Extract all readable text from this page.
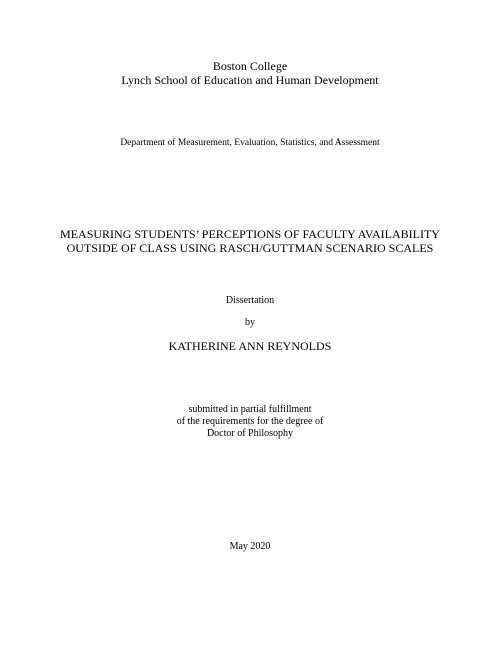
Boston College
Lynch School of Education and Human Development
Department of Measurement, Evaluation, Statistics, and Assessment
MEASURING STUDENTS’ PERCEPTIONS OF FACULTY AVAILABILITY
OUTSIDE OF CLASS USING RASCH/GUTTMAN SCENARIO SCALES
Dissertation
by
KATHERINE ANN REYNOLDS
submitted in partial fulfillment
of the requirements for the degree of
Doctor of Philosophy
May 2020
